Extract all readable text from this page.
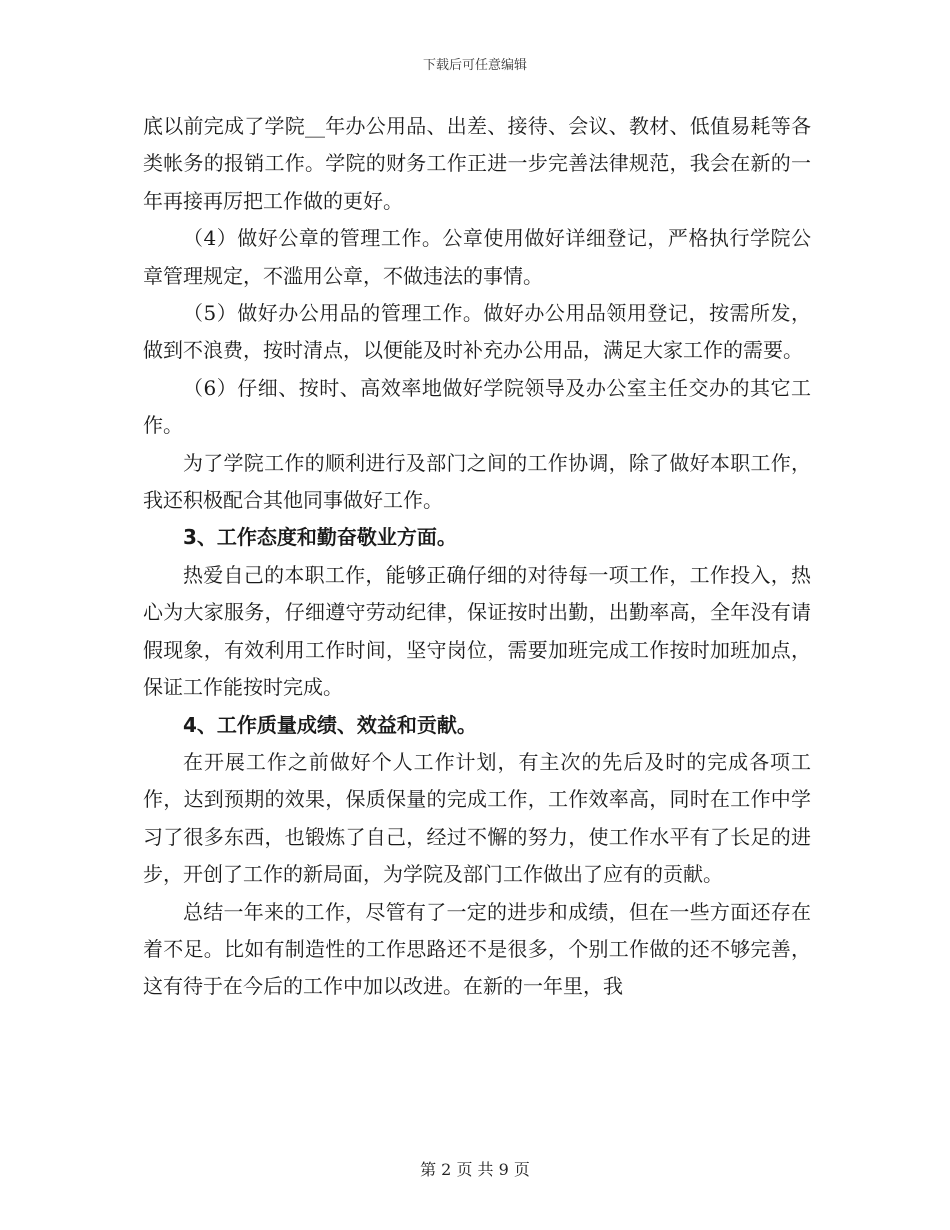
下载后可任意编辑

底以前完成了学院__年办公用品、出差、接待、会议、教材、低值易耗等各类帐务的报销工作。学院的财务工作正进一步完善法律规范，我会在新的一年再接再厉把工作做的更好。

（4）做好公章的管理工作。公章使用做好详细登记，严格执行学院公章管理规定，不滥用公章，不做违法的事情。

（5）做好办公用品的管理工作。做好办公用品领用登记，按需所发，做到不浪费，按时清点，以便能及时补充办公用品，满足大家工作的需要。

（6）仔细、按时、高效率地做好学院领导及办公室主任交办的其它工作。

为了学院工作的顺利进行及部门之间的工作协调，除了做好本职工作，我还积极配合其他同事做好工作。

3、工作态度和勤奋敬业方面。

热爱自己的本职工作，能够正确仔细的对待每一项工作，工作投入，热心为大家服务，仔细遵守劳动纪律，保证按时出勤，出勤率高，全年没有请假现象，有效利用工作时间，坚守岗位，需要加班完成工作按时加班加点，保证工作能按时完成。

4、工作质量成绩、效益和贡献。

在开展工作之前做好个人工作计划，有主次的先后及时的完成各项工作，达到预期的效果，保质保量的完成工作，工作效率高，同时在工作中学习了很多东西，也锻炼了自己，经过不懈的努力，使工作水平有了长足的进步，开创了工作的新局面，为学院及部门工作做出了应有的贡献。

总结一年来的工作，尽管有了一定的进步和成绩，但在一些方面还存在着不足。比如有制造性的工作思路还不是很多，个别工作做的还不够完善，这有待于在今后的工作中加以改进。在新的一年里，我

第 2 页 共 9 页
